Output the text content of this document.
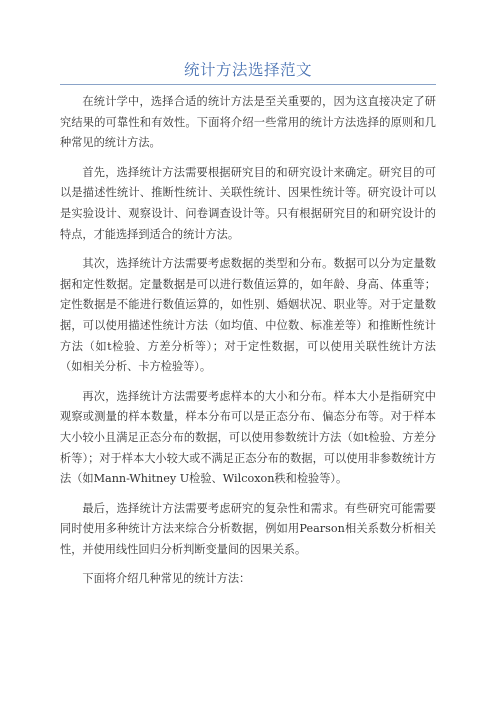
统计方法选择范文

在统计学中，选择合适的统计方法是至关重要的，因为这直接决定了研究结果的可靠性和有效性。下面将介绍一些常用的统计方法选择的原则和几种常见的统计方法。

首先，选择统计方法需要根据研究目的和研究设计来确定。研究目的可以是描述性统计、推断性统计、关联性统计、因果性统计等。研究设计可以是实验设计、观察设计、问卷调查设计等。只有根据研究目的和研究设计的特点，才能选择到适合的统计方法。

其次，选择统计方法需要考虑数据的类型和分布。数据可以分为定量数据和定性数据。定量数据是可以进行数值运算的，如年龄、身高、体重等；定性数据是不能进行数值运算的，如性别、婚姻状况、职业等。对于定量数据，可以使用描述性统计方法（如均值、中位数、标准差等）和推断性统计方法（如t检验、方差分析等）；对于定性数据，可以使用关联性统计方法（如相关分析、卡方检验等）。

再次，选择统计方法需要考虑样本的大小和分布。样本大小是指研究中观察或测量的样本数量，样本分布可以是正态分布、偏态分布等。对于样本大小较小且满足正态分布的数据，可以使用参数统计方法（如t检验、方差分析等）；对于样本大小较大或不满足正态分布的数据，可以使用非参数统计方法（如Mann-Whitney U检验、Wilcoxon秩和检验等）。

最后，选择统计方法需要考虑研究的复杂性和需求。有些研究可能需要同时使用多种统计方法来综合分析数据，例如用Pearson相关系数分析相关性，并使用线性回归分析判断变量间的因果关系。

下面将介绍几种常见的统计方法：
